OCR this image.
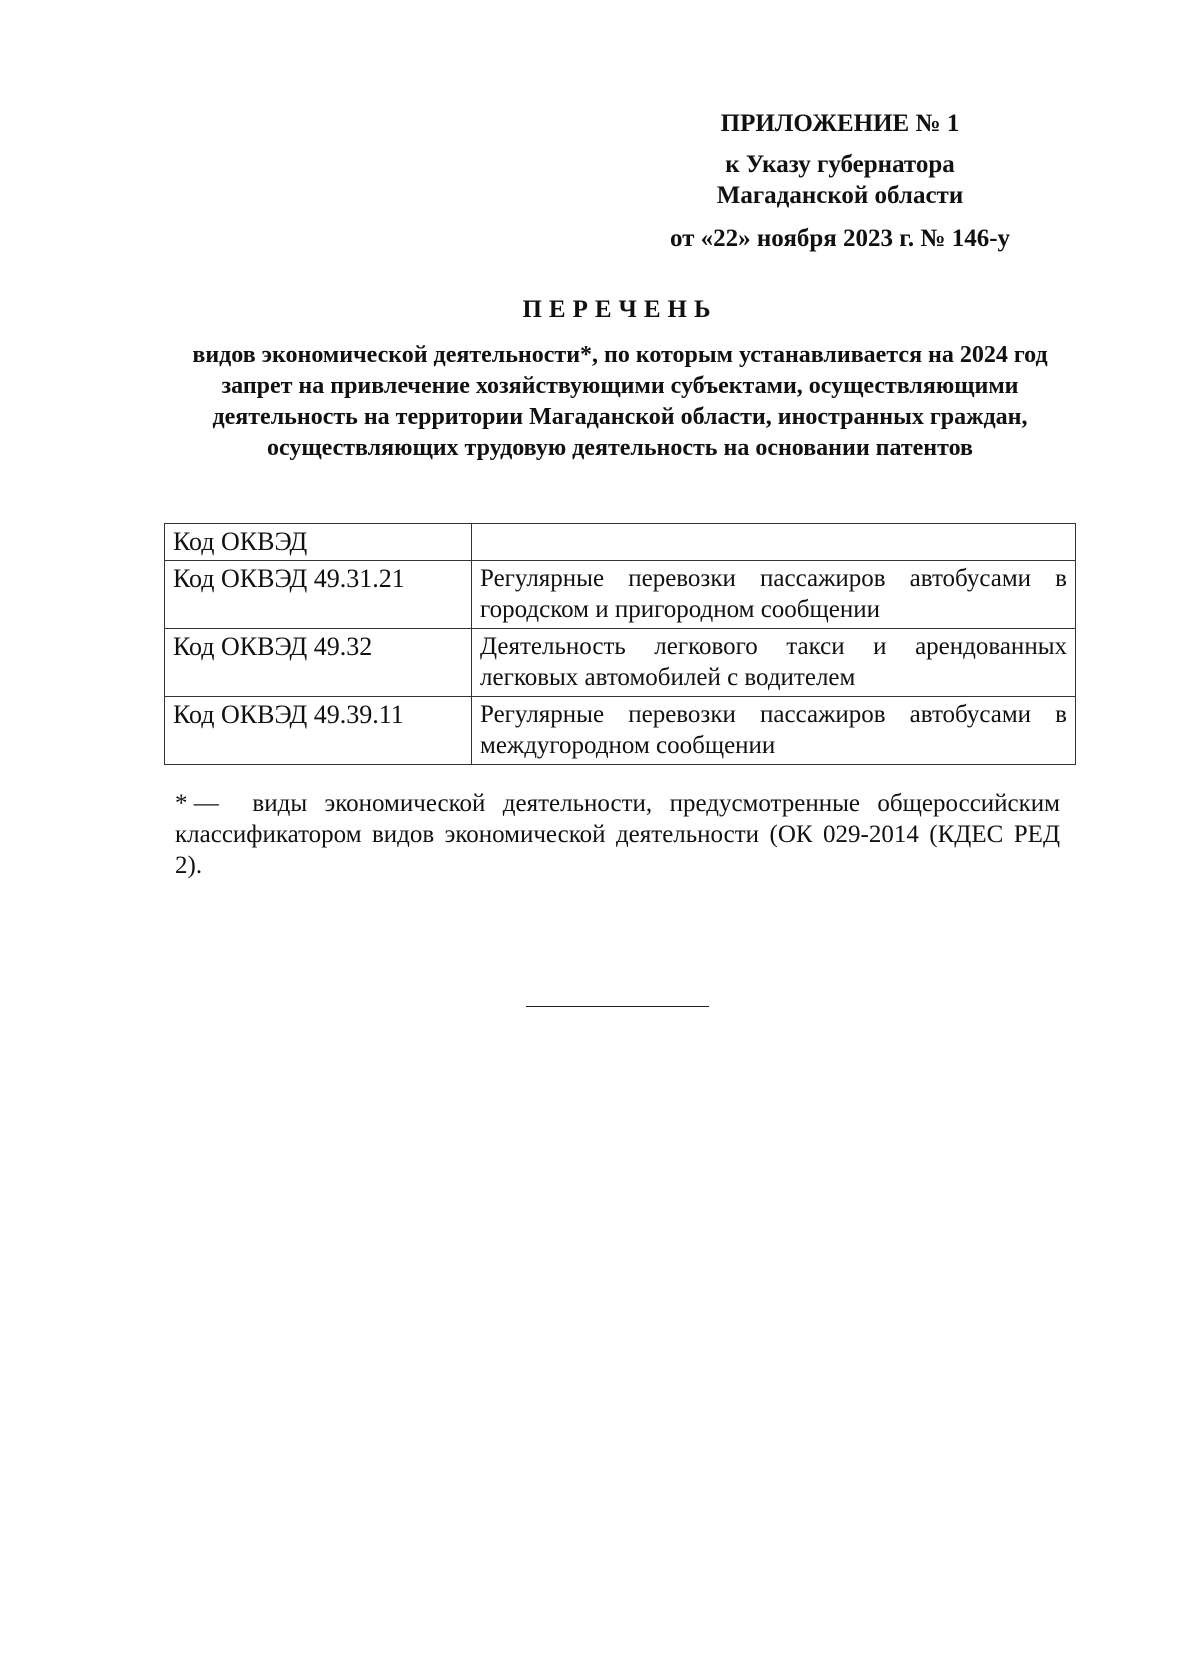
ПРИЛОЖЕНИЕ № 1
к Указу губернатора
Магаданской области
от «22» ноября 2023 г. № 146-у
ПЕРЕЧЕНЬ
видов экономической деятельности*, по которым устанавливается на 2024 год запрет на привлечение хозяйствующими субъектами, осуществляющими деятельность на территории Магаданской области, иностранных граждан, осуществляющих трудовую деятельность на основании патентов
Код ОКВЭД	
Код ОКВЭД 49.31.21	Регулярные перевозки пассажиров автобусами в городском и пригородном сообщении
Код ОКВЭД 49.32	Деятельность легкового такси и арендованных легковых автомобилей с водителем
Код ОКВЭД 49.39.11	Регулярные перевозки пассажиров автобусами в междугородном сообщении
* — виды экономической деятельности, предусмотренные общероссийским классификатором видов экономической деятельности (ОК 029-2014 (КДЕС РЕД 2).
